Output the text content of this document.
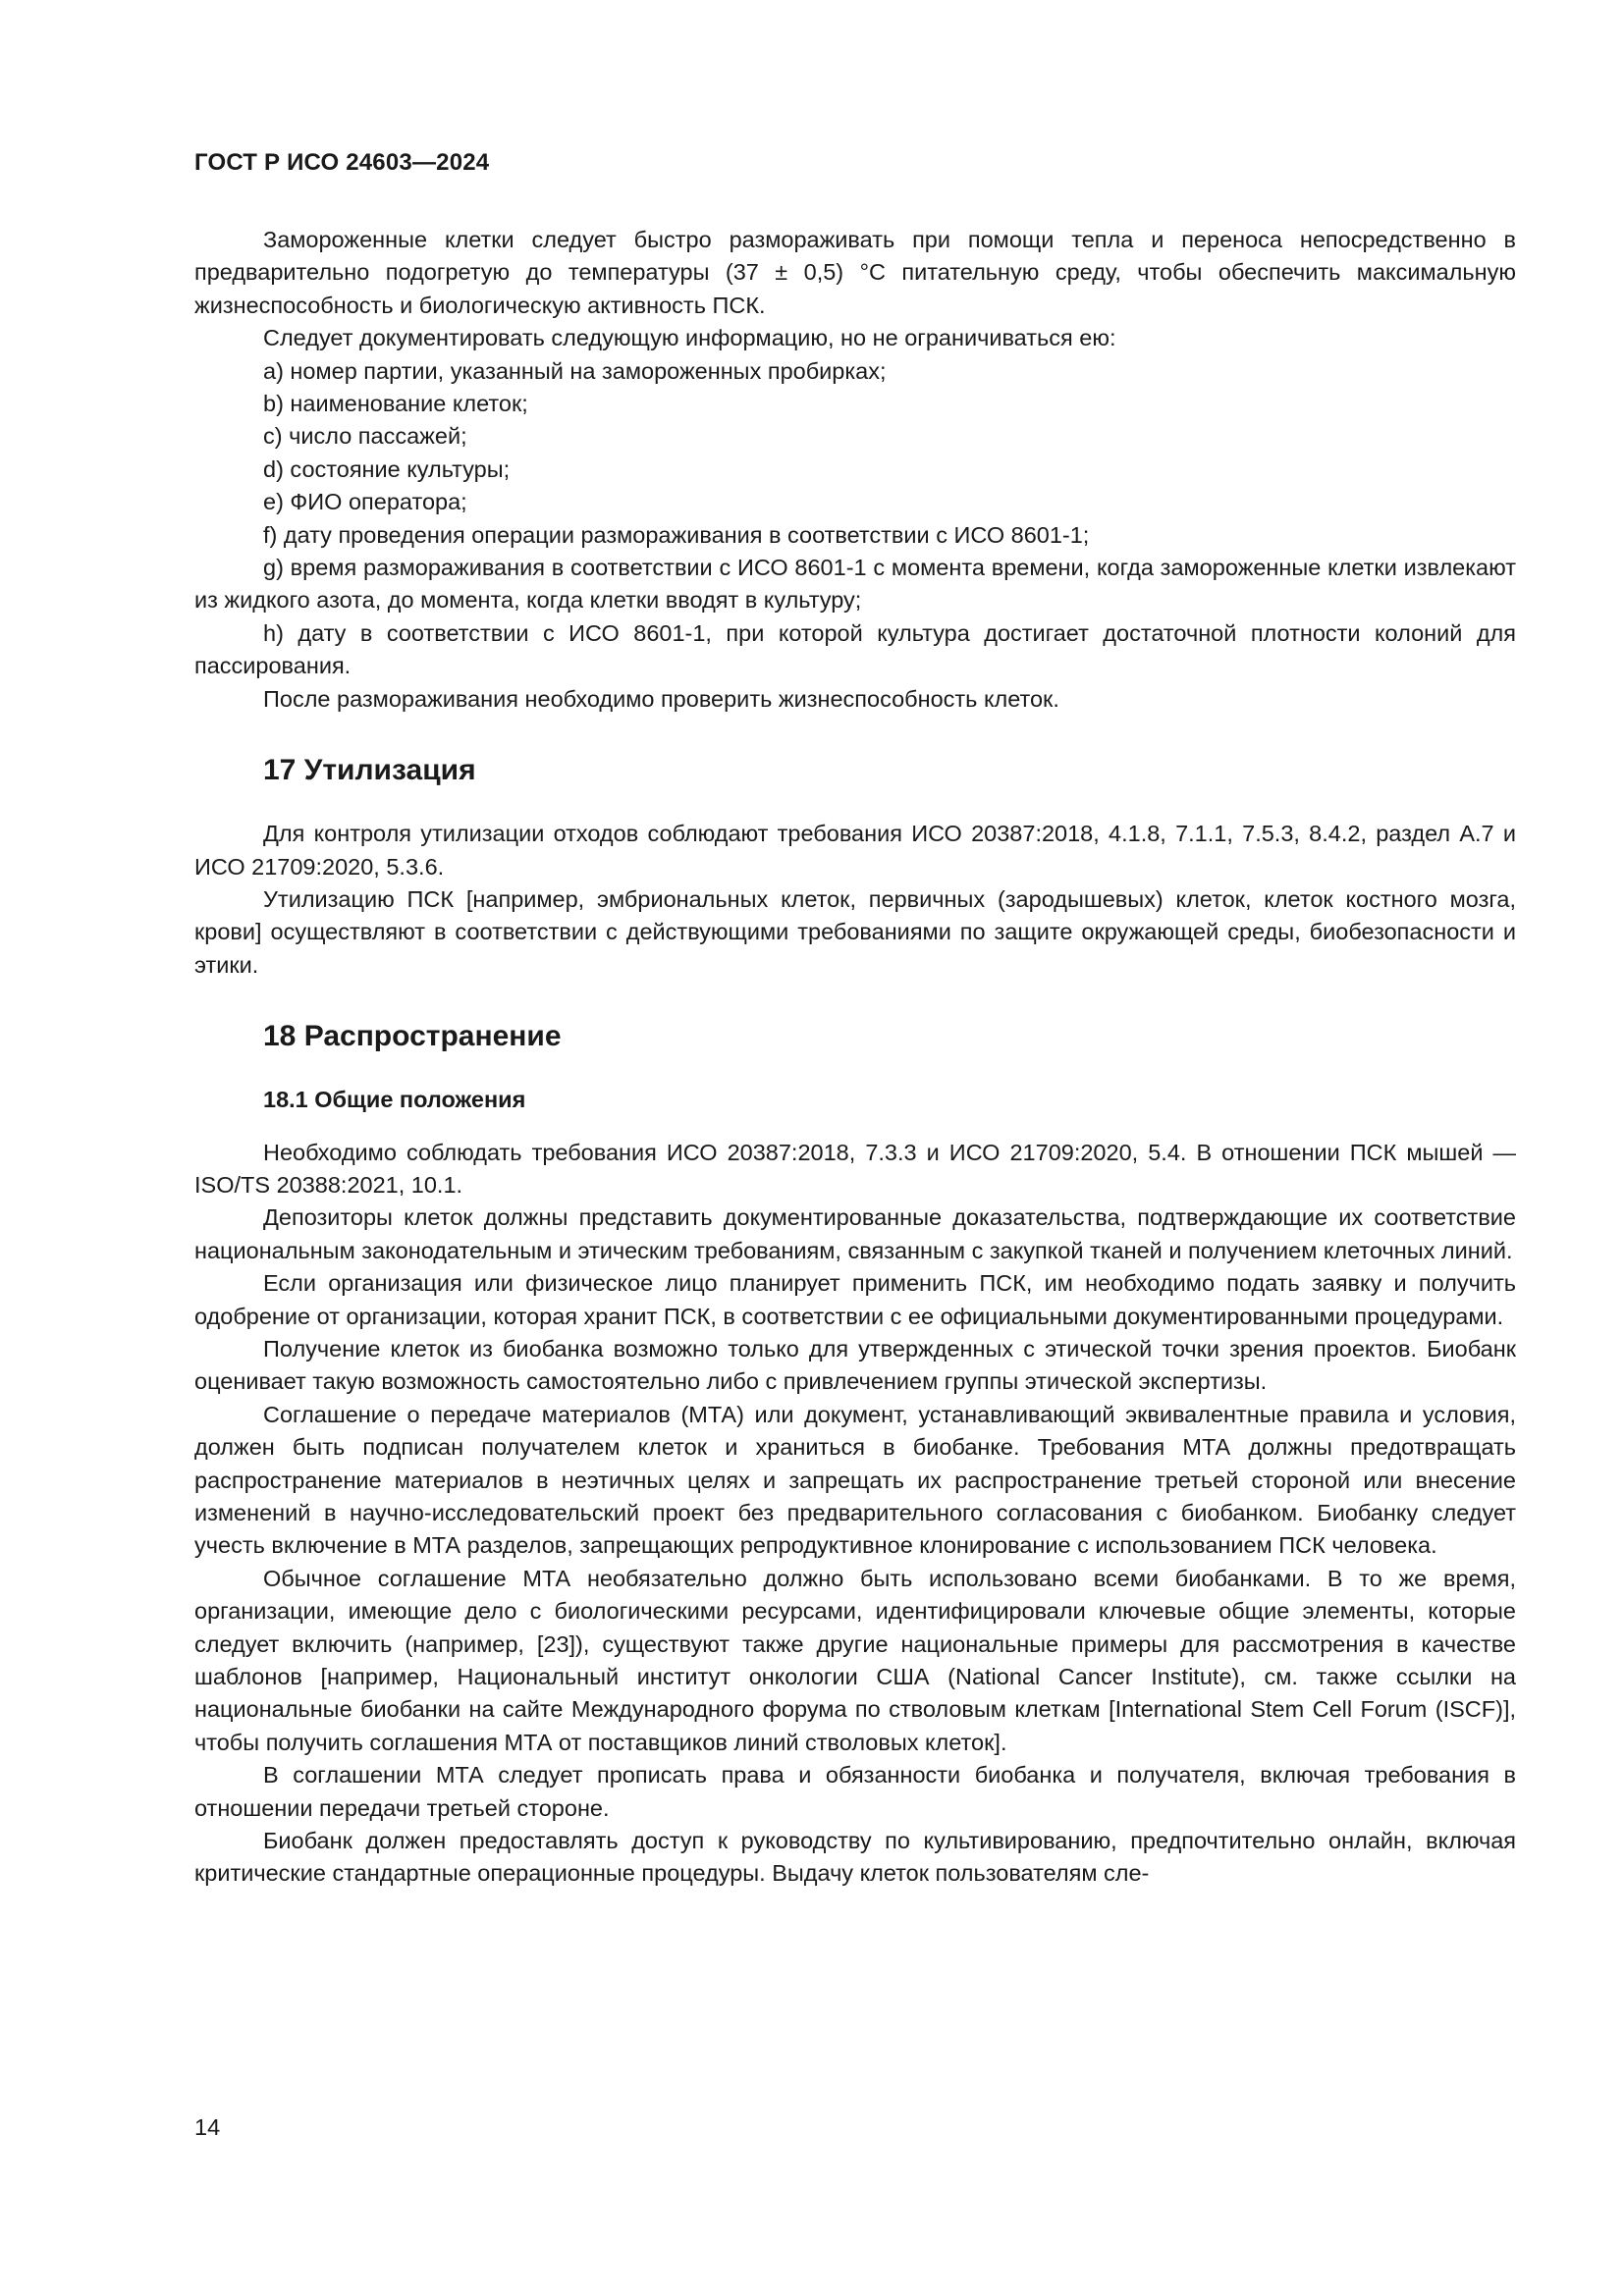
ГОСТ Р ИСО 24603—2024

Замороженные клетки следует быстро размораживать при помощи тепла и переноса непосредственно в предварительно подогретую до температуры (37 ± 0,5) °C питательную среду, чтобы обеспечить максимальную жизнеспособность и биологическую активность ПСК.

Следует документировать следующую информацию, но не ограничиваться ею:

a) номер партии, указанный на замороженных пробирках;

b) наименование клеток;

c) число пассажей;

d) состояние культуры;

e) ФИО оператора;

f) дату проведения операции размораживания в соответствии с ИСО 8601-1;

g) время размораживания в соответствии с ИСО 8601-1 с момента времени, когда замороженные клетки извлекают из жидкого азота, до момента, когда клетки вводят в культуру;

h) дату в соответствии с ИСО 8601-1, при которой культура достигает достаточной плотности колоний для пассирования.

После размораживания необходимо проверить жизнеспособность клеток.

17 Утилизация

Для контроля утилизации отходов соблюдают требования ИСО 20387:2018, 4.1.8, 7.1.1, 7.5.3, 8.4.2, раздел А.7 и ИСО 21709:2020, 5.3.6.

Утилизацию ПСК [например, эмбриональных клеток, первичных (зародышевых) клеток, клеток костного мозга, крови] осуществляют в соответствии с действующими требованиями по защите окружающей среды, биобезопасности и этики.

18 Распространение
18.1 Общие положения

Необходимо соблюдать требования ИСО 20387:2018, 7.3.3 и ИСО 21709:2020, 5.4. В отношении ПСК мышей — ISO/TS 20388:2021, 10.1.

Депозиторы клеток должны представить документированные доказательства, подтверждающие их соответствие национальным законодательным и этическим требованиям, связанным с закупкой тканей и получением клеточных линий.

Если организация или физическое лицо планирует применить ПСК, им необходимо подать заявку и получить одобрение от организации, которая хранит ПСК, в соответствии с ее официальными документированными процедурами.

Получение клеток из биобанка возможно только для утвержденных с этической точки зрения проектов. Биобанк оценивает такую возможность самостоятельно либо с привлечением группы этической экспертизы.

Соглашение о передаче материалов (МТА) или документ, устанавливающий эквивалентные правила и условия, должен быть подписан получателем клеток и храниться в биобанке. Требования МТА должны предотвращать распространение материалов в неэтичных целях и запрещать их распространение третьей стороной или внесение изменений в научно-исследовательский проект без предварительного согласования с биобанком. Биобанку следует учесть включение в МТА разделов, запрещающих репродуктивное клонирование с использованием ПСК человека.

Обычное соглашение МТА необязательно должно быть использовано всеми биобанками. В то же время, организации, имеющие дело с биологическими ресурсами, идентифицировали ключевые общие элементы, которые следует включить (например, [23]), существуют также другие национальные примеры для рассмотрения в качестве шаблонов [например, Национальный институт онкологии США (National Cancer Institute), см. также ссылки на национальные биобанки на сайте Международного форума по стволовым клеткам [International Stem Cell Forum (ISCF)], чтобы получить соглашения МТА от поставщиков линий стволовых клеток].

В соглашении МТА следует прописать права и обязанности биобанка и получателя, включая требования в отношении передачи третьей стороне.

Биобанк должен предоставлять доступ к руководству по культивированию, предпочтительно онлайн, включая критические стандартные операционные процедуры. Выдачу клеток пользователям сле-

14
